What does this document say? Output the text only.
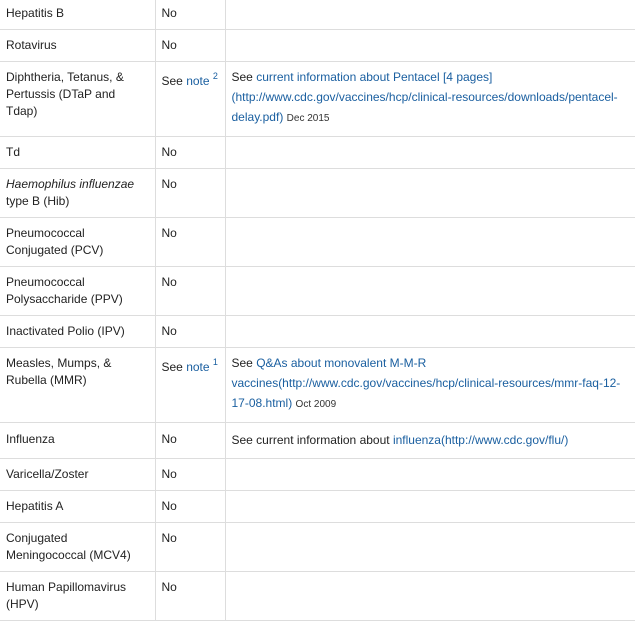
Hepatitis B	No	
Rotavirus	No	
Diphtheria, Tetanus, & Pertussis (DTaP and Tdap)	See note $^2$	See current information about Pentacel [4 pages] (http://www.cdc.gov/vaccines/hcp/clinical-resources/downloads/pentacel-delay.pdf) Dec 2015
Td	No	
Haemophilus influenzae type B (Hib)	No	
Pneumococcal Conjugated (PCV)	No	
Pneumococcal Polysaccharide (PPV)	No	
Inactivated Polio (IPV)	No	
Measles, Mumps, & Rubella (MMR)	See note $^1$	See Q&As about monovalent M-M-R vaccines(http://www.cdc.gov/vaccines/hcp/clinical-resources/mmr-faq-12-17-08.html) Oct 2009
Influenza	No	See current information about influenza(http://www.cdc.gov/flu/)
Varicella/Zoster	No	
Hepatitis A	No	
Conjugated Meningococcal (MCV4)	No	
Human Papillomavirus (HPV)	No	
